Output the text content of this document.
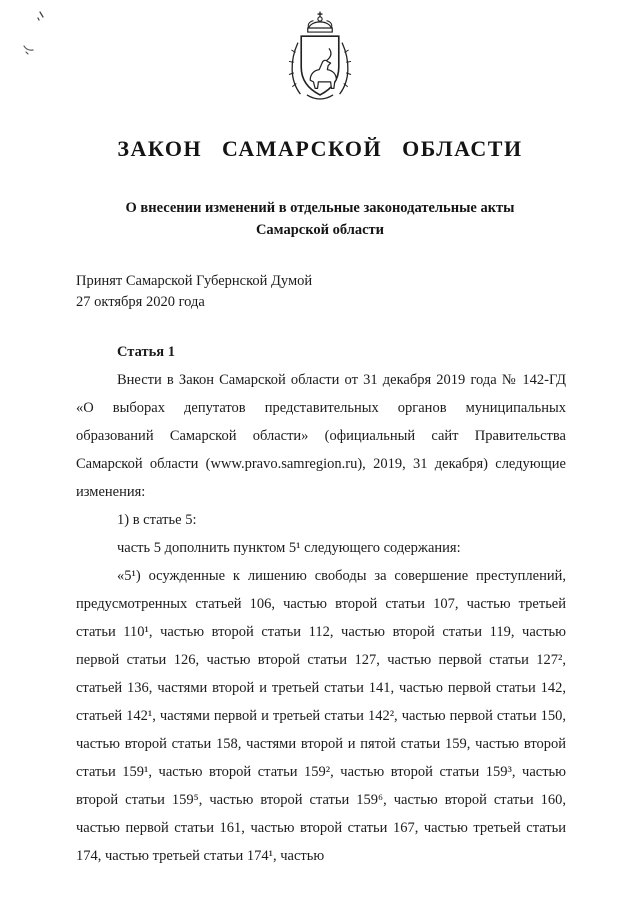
ЗАКОН САМАРСКОЙ ОБЛАСТИ
О внесении изменений в отдельные законодательные акты
Самарской области
Принят Самарской Губернской Думой
27 октября 2020 года

Статья 1

Внести в Закон Самарской области от 31 декабря 2019 года № 142-ГД «О выборах депутатов представительных органов муниципальных образований Самарской области» (официальный сайт Правительства Самарской области (www.pravo.samregion.ru), 2019, 31 декабря) следующие изменения:

1) в статье 5:

часть 5 дополнить пунктом 5¹ следующего содержания:

«5¹) осужденные к лишению свободы за совершение преступлений, предусмотренных статьей 106, частью второй статьи 107, частью третьей статьи 110¹, частью второй статьи 112, частью второй статьи 119, частью первой статьи 126, частью второй статьи 127, частью первой статьи 127², статьей 136, частями второй и третьей статьи 141, частью первой статьи 142, статьей 142¹, частями первой и третьей статьи 142², частью первой статьи 150, частью второй статьи 158, частями второй и пятой статьи 159, частью второй статьи 159¹, частью второй статьи 159², частью второй статьи 159³, частью второй статьи 159⁵, частью второй статьи 159⁶, частью второй статьи 160, частью первой статьи 161, частью второй статьи 167, частью третьей статьи 174, частью третьей статьи 174¹, частью
